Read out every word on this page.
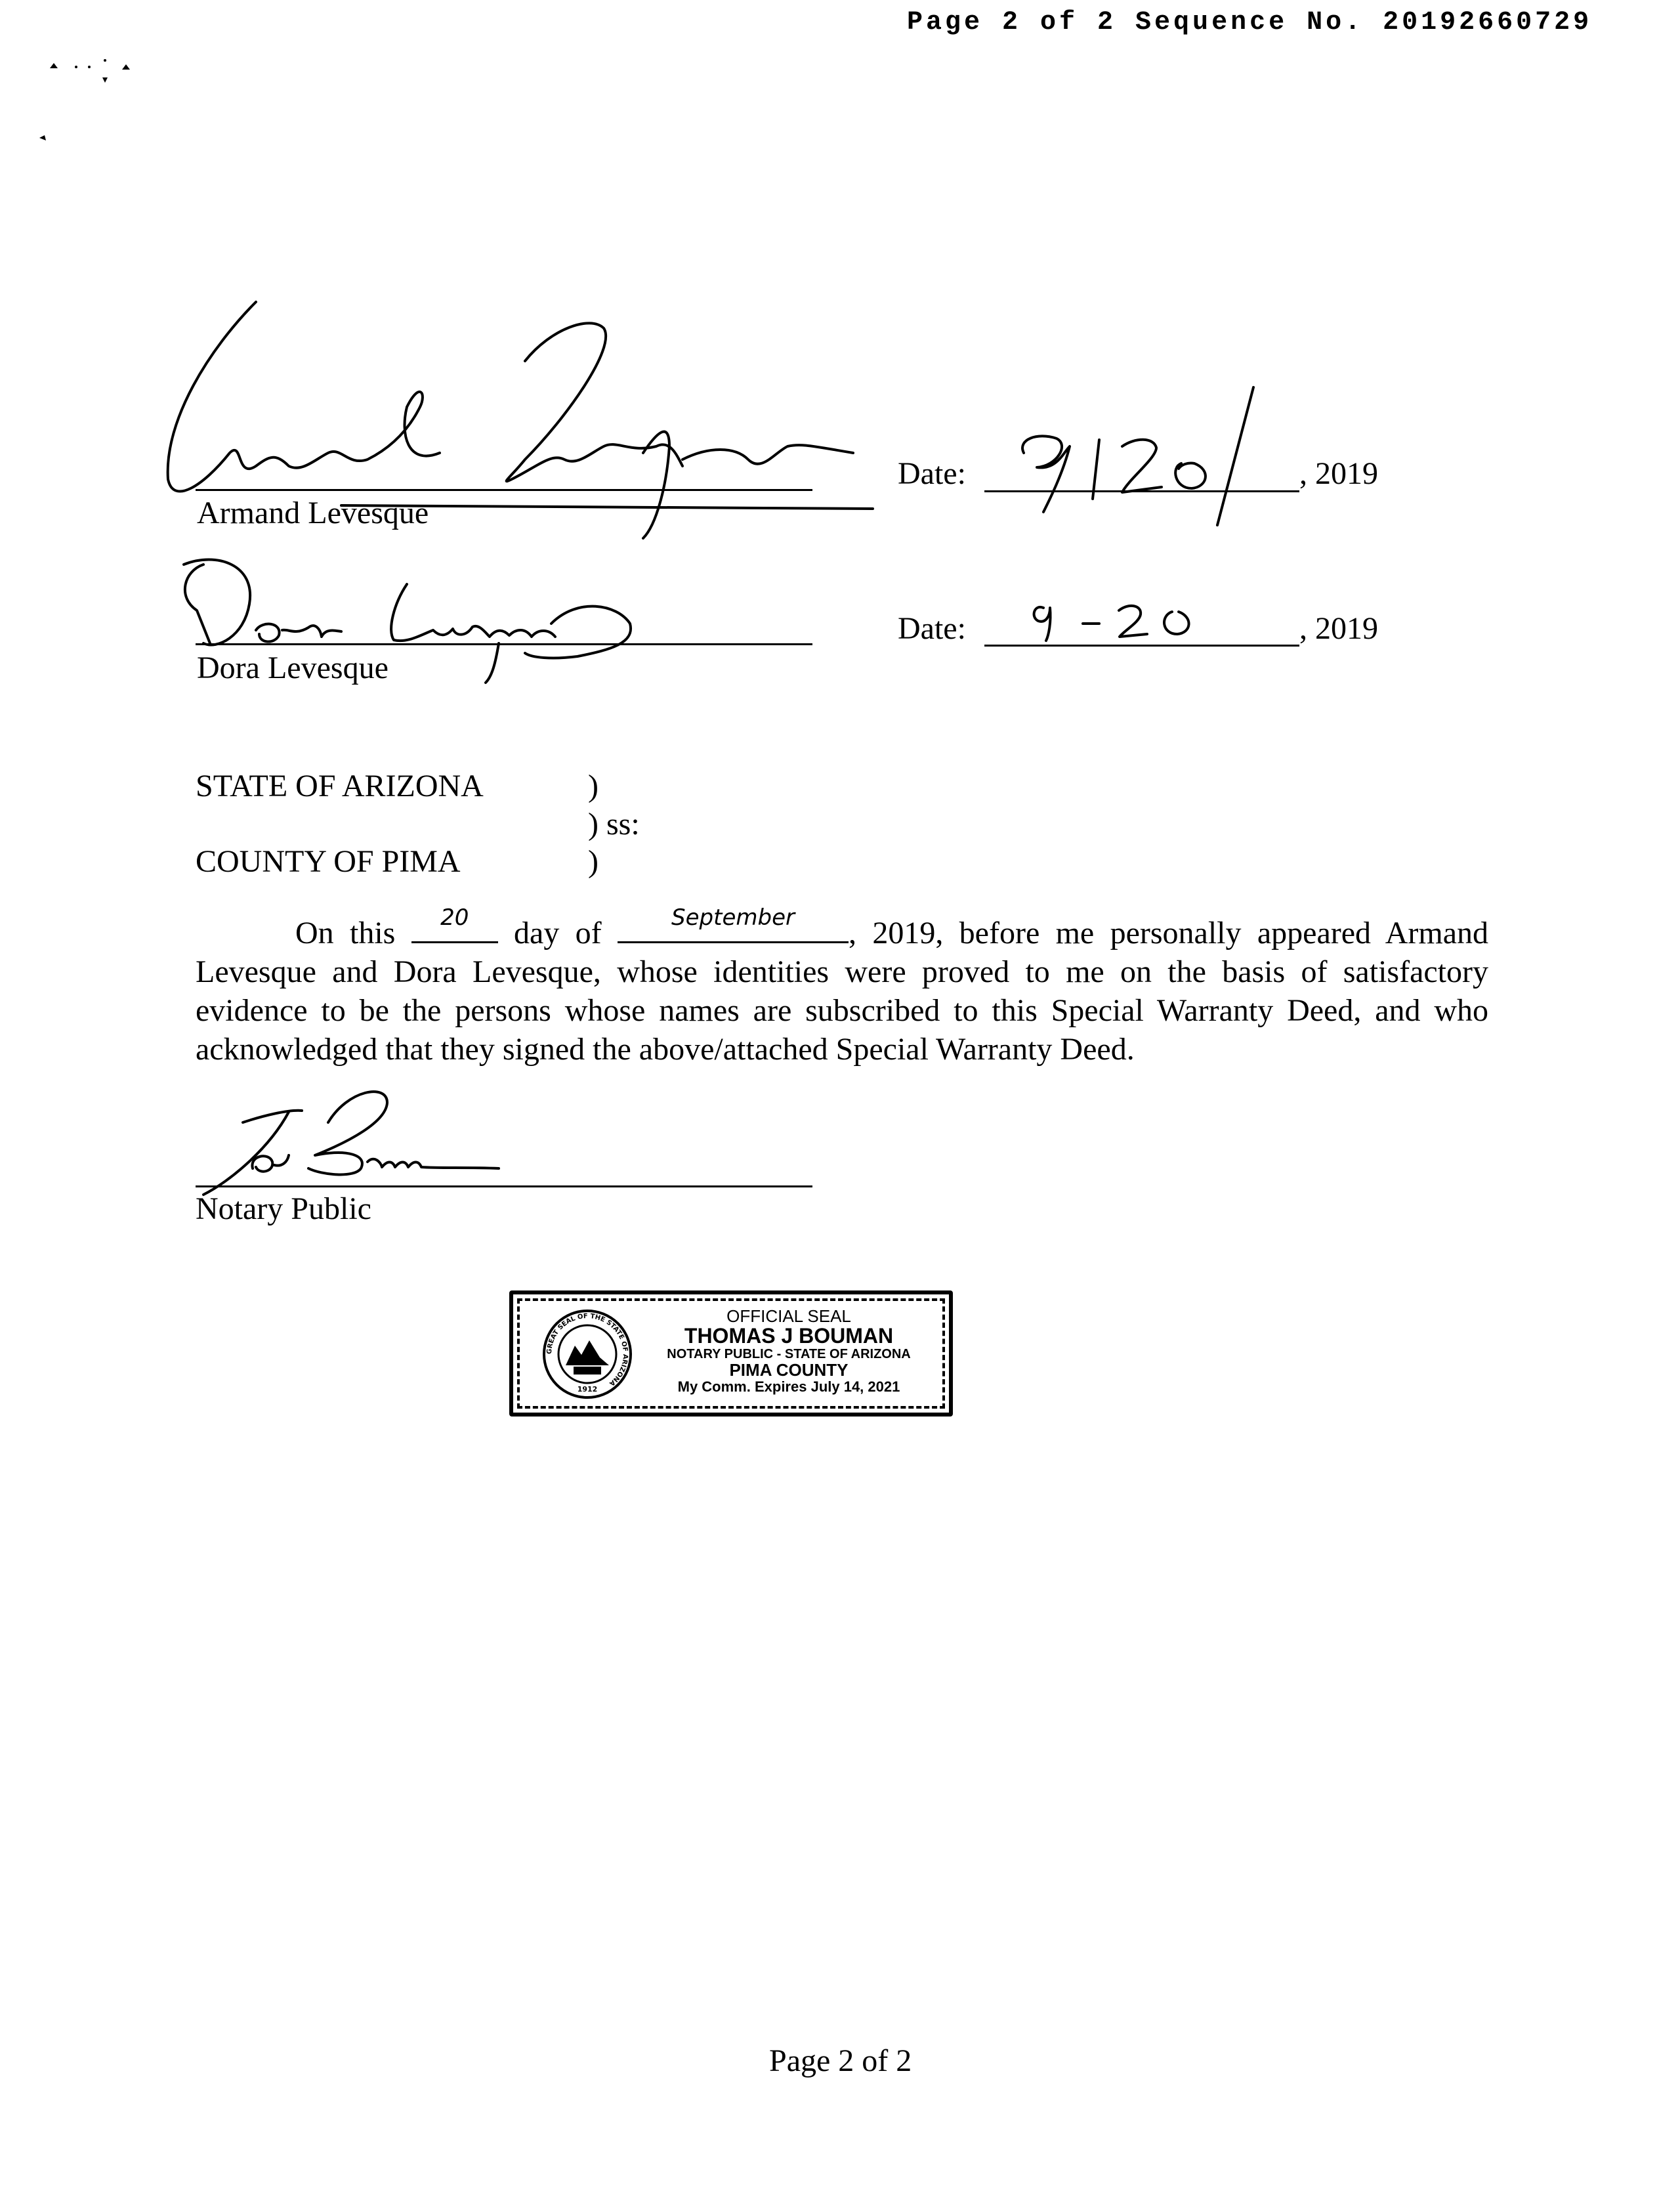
Page 2 of 2 Sequence No. 20192660729
Armand Levesque
Date:	, 2019
Dora Levesque
Date:	, 2019
STATE OF ARIZONA	)
) ss:
COUNTY OF PIMA	)
On this	20	day of	September	, 2019, before me personally appeared Armand Levesque and Dora Levesque, whose identities were proved to me on the basis of satisfactory evidence to be the persons whose names are subscribed to this Special Warranty Deed, and who acknowledged that they signed the above/attached Special Warranty Deed.
Notary Public
GREAT SEAL OF THE STATE OF ARIZONA
1912
OFFICIAL SEAL
THOMAS J BOUMAN
NOTARY PUBLIC - STATE OF ARIZONA
PIMA COUNTY
My Comm. Expires July 14, 2021
Page 2 of 2
